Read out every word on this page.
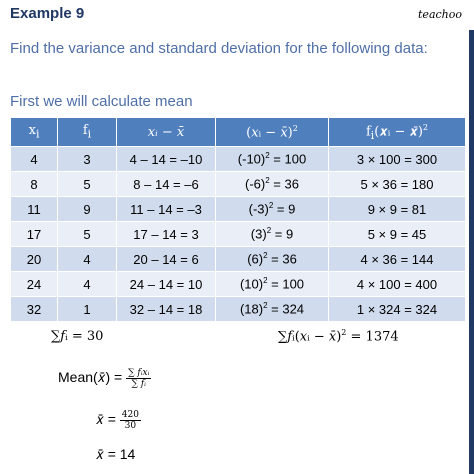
Example 9	teachoo
Find the variance and standard deviation for the following data:
First we will calculate mean
$x_i$	$f_i$	𝑥ᵢ − 𝑥̄	(𝑥ᵢ − 𝑥̄)$^2$	$f_i(𝒙ᵢ$ − 𝒙̄)$^2$
4	3	4 – 14 = –10	$(-10)^2 = 100$	3 × 100 = 300
8	5	8 – 14 = –6	$(-6)^2 = 36$	5 × 36 = 180
11	9	11 – 14 = –3	$(-3)^2 = 9$	9 × 9 = 81
17	5	17 – 14 = 3	$(3)^2 = 9$	5 × 9 = 45
20	4	20 – 14 = 6	$(6)^2 = 36$	4 × 36 = 144
24	4	24 – 14 = 10	$(10)^2 = 100$	4 × 100 = 400
32	1	32 – 14 = 18	$(18)^2 = 324$	1 × 324 = 324
∑𝑓ᵢ = 30			∑𝑓ᵢ(𝑥ᵢ − 𝑥̄)$^2$ = 1374	
Mean(𝑥̄) = $\frac{\text{∑ fᵢxᵢ}}{\text{∑ fᵢ}}$
𝑥̄ = $\frac{420}{30}$
𝑥̄ = 14
